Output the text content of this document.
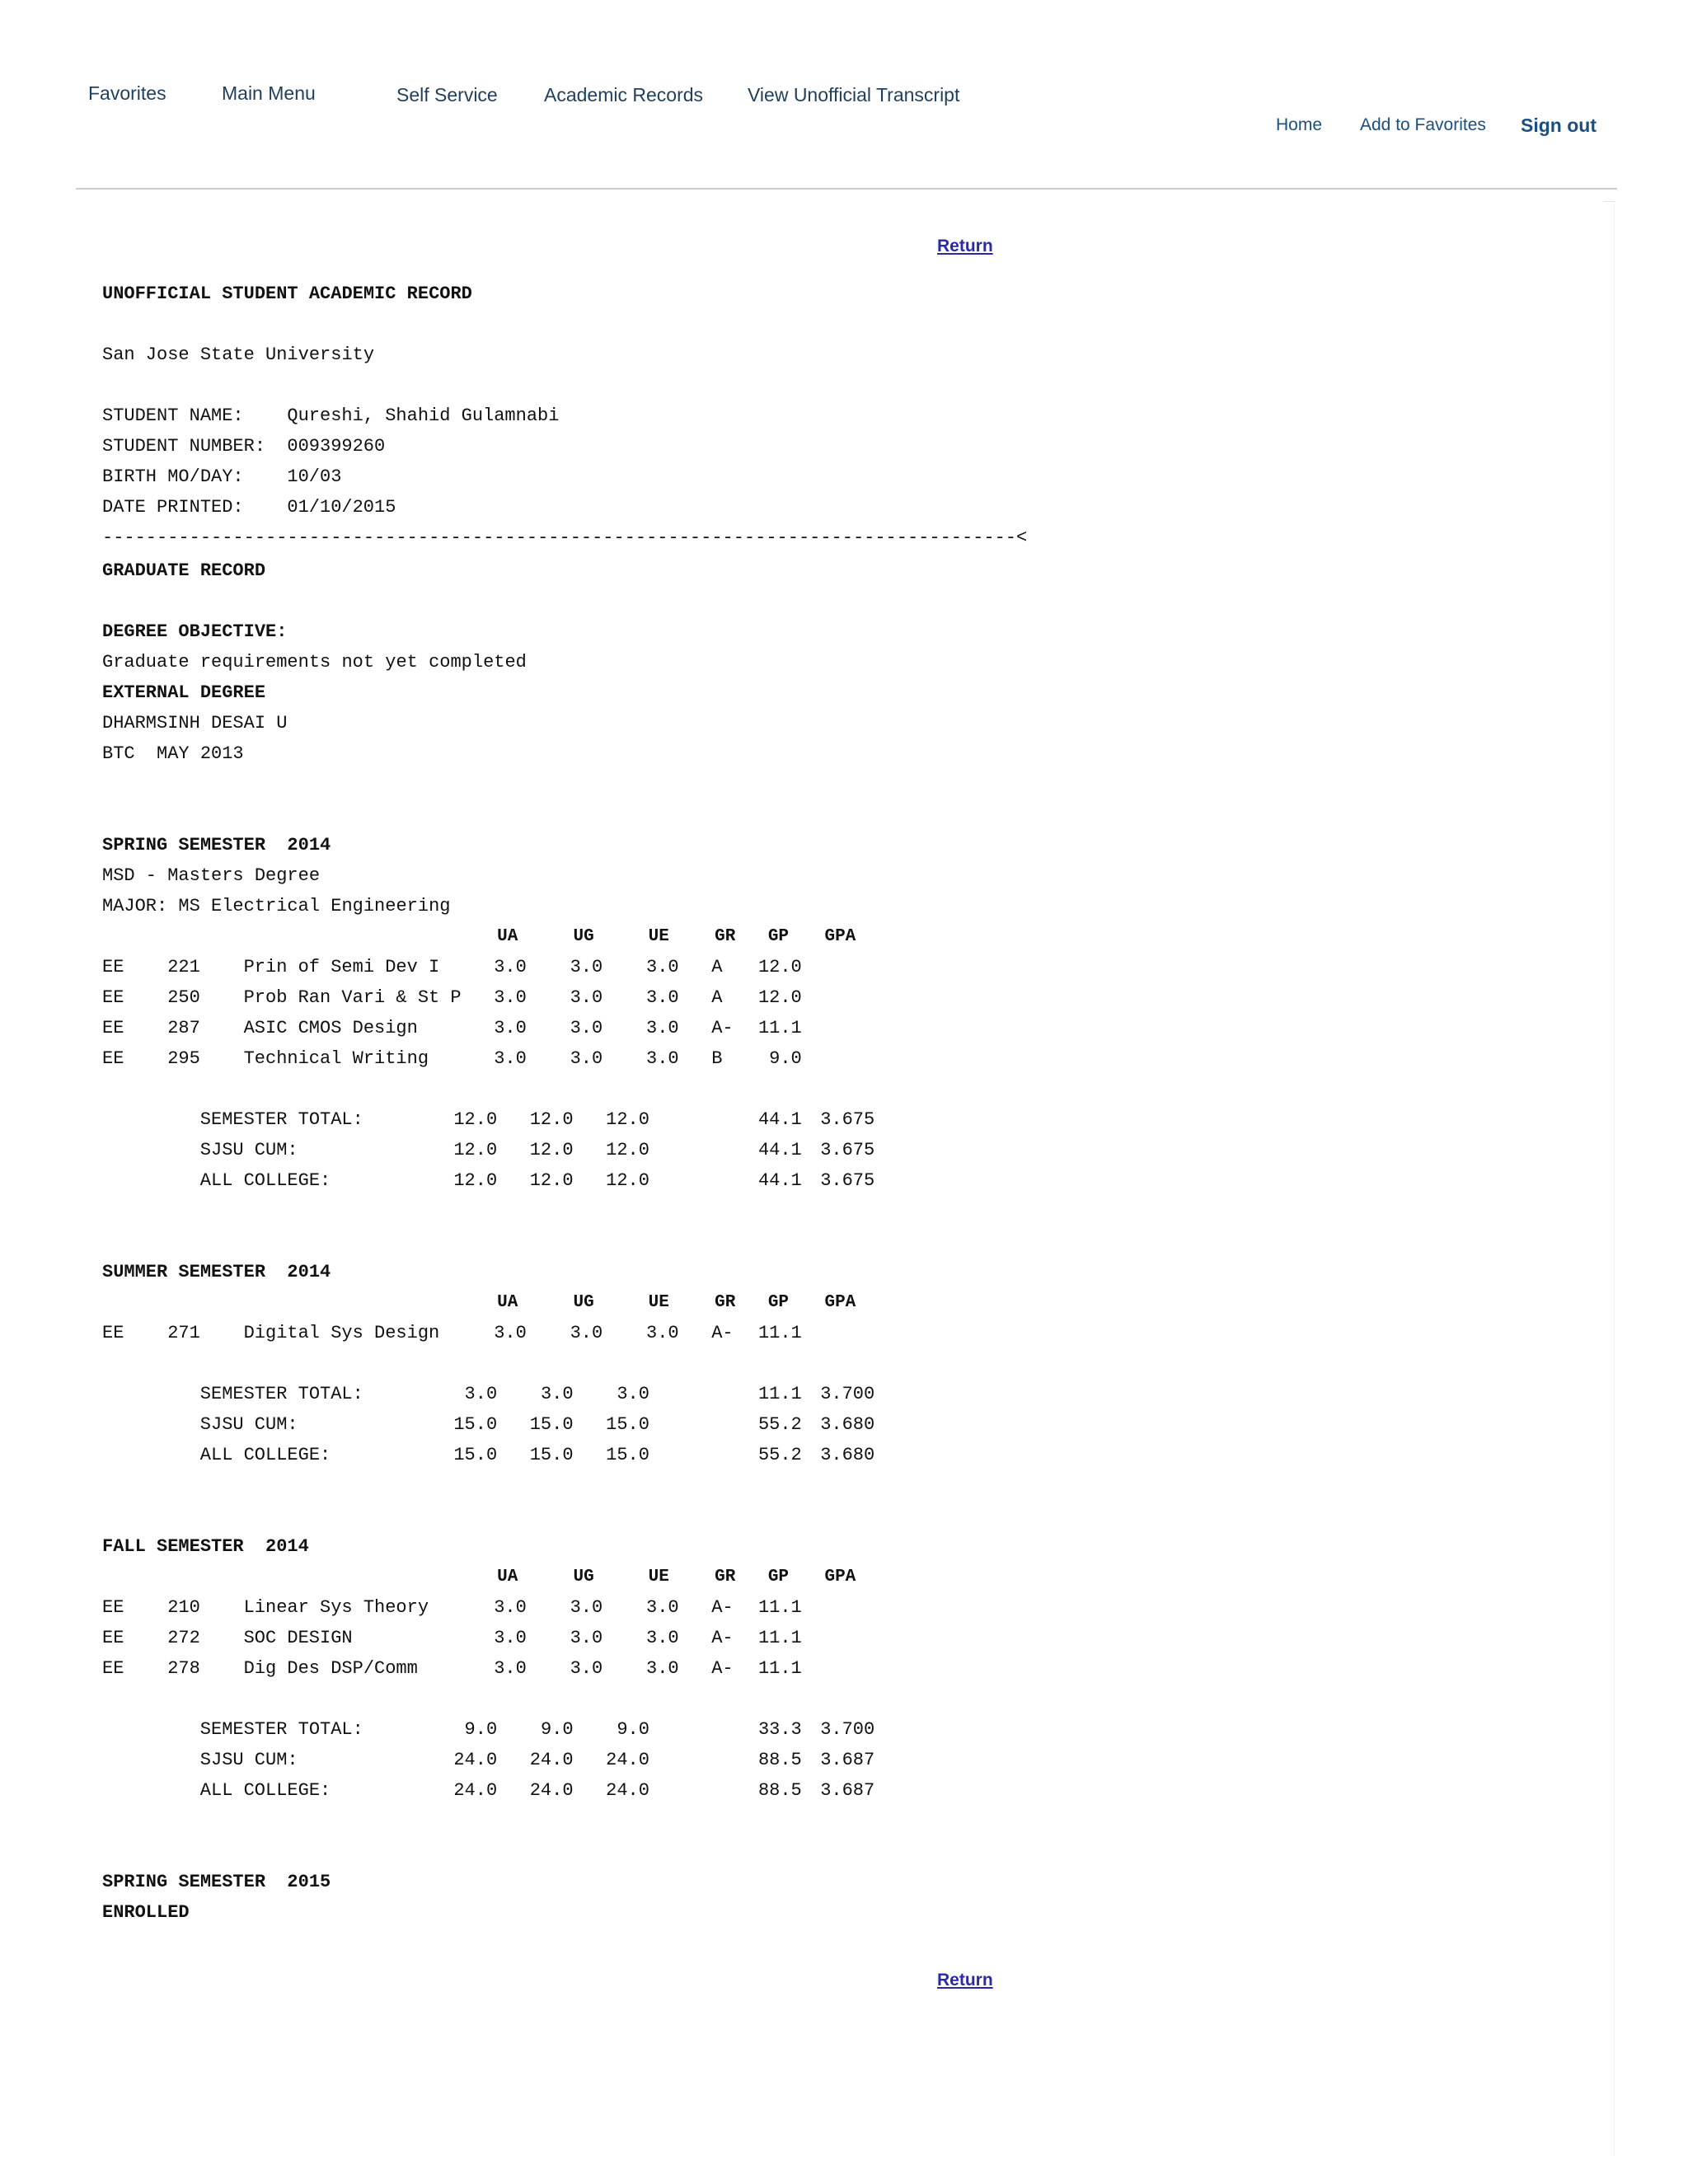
Favorites	Main Menu	Self Service Academic Records View Unofficial Transcript
Home Add to Favorites Sign out
Return
UNOFFICIAL STUDENT ACADEMIC RECORD
San Jose State University
STUDENT NAME: Qureshi, Shahid Gulamnabi
STUDENT NUMBER: 009399260
BIRTH MO/DAY: 10/03
DATE PRINTED: 01/10/2015
------------------------------------------------------------------------------------<
GRADUATE RECORD
DEGREE OBJECTIVE:
Graduate requirements not yet completed
EXTERNAL DEGREE
DHARMSINH DESAI U
BTC  MAY 2013
SPRING SEMESTER  2014
MSD - Masters Degree
MAJOR: MS Electrical Engineering
UA	UG	UE	GR GP GPA
EE 221 Prin of Semi Dev I	3.0 3.0 3.0 A	12.0
EE 250 Prob Ran Vari & St P 3.0 3.0 3.0 A	12.0
EE 287 ASIC CMOS Design	3.0 3.0 3.0 A-	11.1
EE 295 Technical Writing	3.0 3.0 3.0 B	9.0
SEMESTER TOTAL:	12.0	12.0	12.0	44.1 3.675
SJSU CUM:	12.0	12.0	12.0	44.1 3.675
ALL COLLEGE:	12.0	12.0	12.0	44.1 3.675
SUMMER SEMESTER  2014
UA	UG	UE	GR GP GPA
EE 271 Digital Sys Design	3.0 3.0 3.0 A-	11.1
SEMESTER TOTAL:	3.0	3.0	3.0	11.1 3.700
SJSU CUM:	15.0	15.0	15.0	55.2 3.680
ALL COLLEGE:	15.0	15.0	15.0	55.2 3.680
FALL SEMESTER  2014
UA	UG	UE	GR GP GPA
EE 210 Linear Sys Theory	3.0 3.0 3.0 A-	11.1
EE 272 SOC DESIGN	3.0 3.0 3.0 A-	11.1
EE 278 Dig Des DSP/Comm	3.0 3.0 3.0 A-	11.1
SEMESTER TOTAL:	9.0	9.0	9.0	33.3 3.700
SJSU CUM:	24.0	24.0	24.0	88.5 3.687
ALL COLLEGE:	24.0	24.0	24.0	88.5 3.687
SPRING SEMESTER  2015
ENROLLED
Return
